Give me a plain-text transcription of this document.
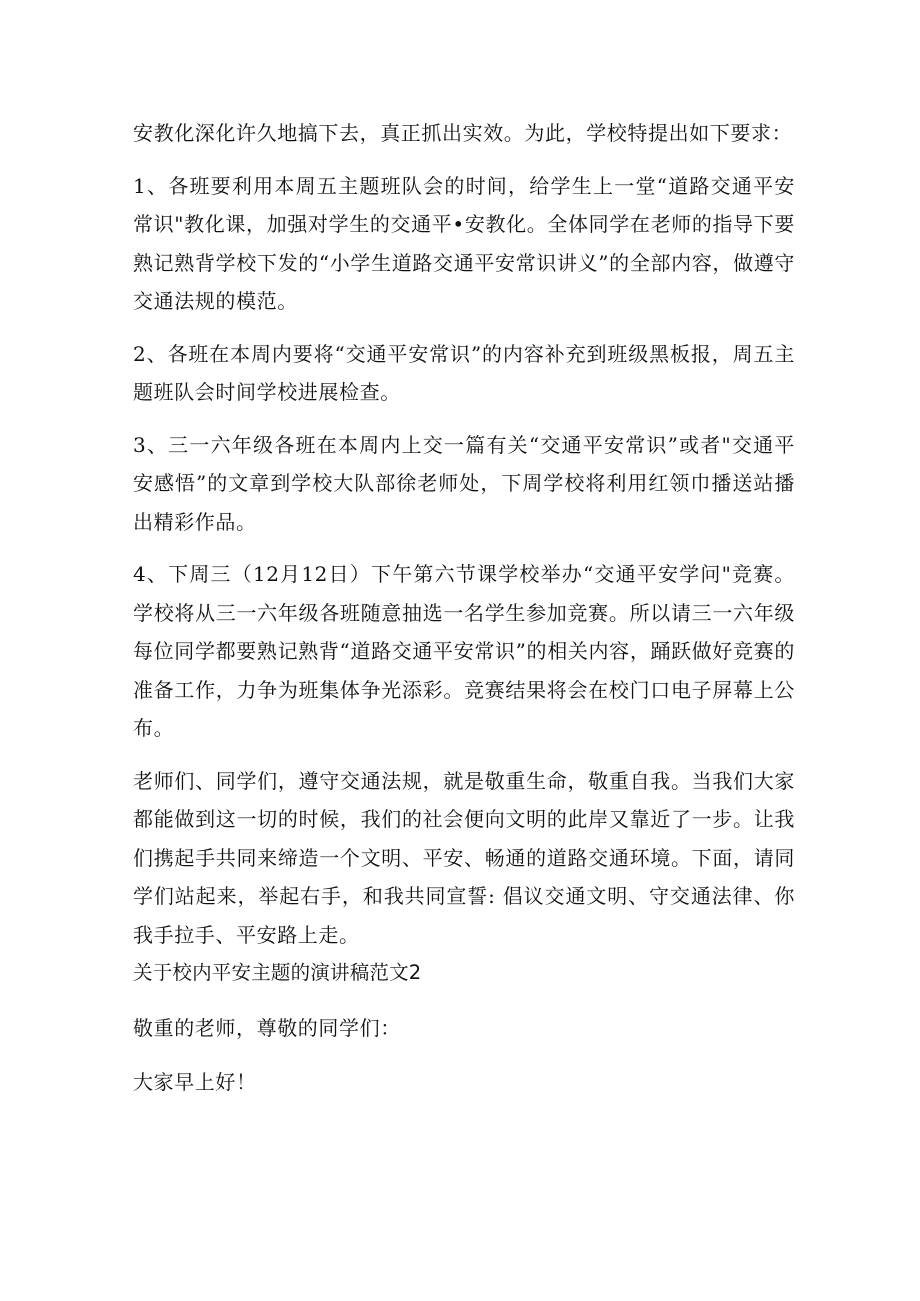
安教化深化许久地搞下去，真正抓出实效。为此，学校特提出如下要求：

1、各班要利用本周五主题班队会的时间，给学生上一堂“道路交通平安常识"教化课，加强对学生的交通平•安教化。全体同学在老师的指导下要熟记熟背学校下发的“小学生道路交通平安常识讲义”的全部内容，做遵守交通法规的模范。

2、各班在本周内要将“交通平安常识”的内容补充到班级黑板报，周五主题班队会时间学校进展检查。

3、三一六年级各班在本周内上交一篇有关“交通平安常识”或者"交通平安感悟”的文章到学校大队部徐老师处，下周学校将利用红领巾播送站播出精彩作品。

4、下周三（12月12日）下午第六节课学校举办“交通平安学问"竞赛。学校将从三一六年级各班随意抽选一名学生参加竞赛。所以请三一六年级每位同学都要熟记熟背“道路交通平安常识”的相关内容，踊跃做好竞赛的准备工作，力争为班集体争光添彩。竞赛结果将会在校门口电子屏幕上公布。

老师们、同学们，遵守交通法规，就是敬重生命，敬重自我。当我们大家都能做到这一切的时候，我们的社会便向文明的此岸又靠近了一步。让我们携起手共同来缔造一个文明、平安、畅通的道路交通环境。下面，请同学们站起来，举起右手，和我共同宣誓: 倡议交通文明、守交通法律、你我手拉手、平安路上走。

关于校内平安主题的演讲稿范文2

敬重的老师，尊敬的同学们：

大家早上好！
